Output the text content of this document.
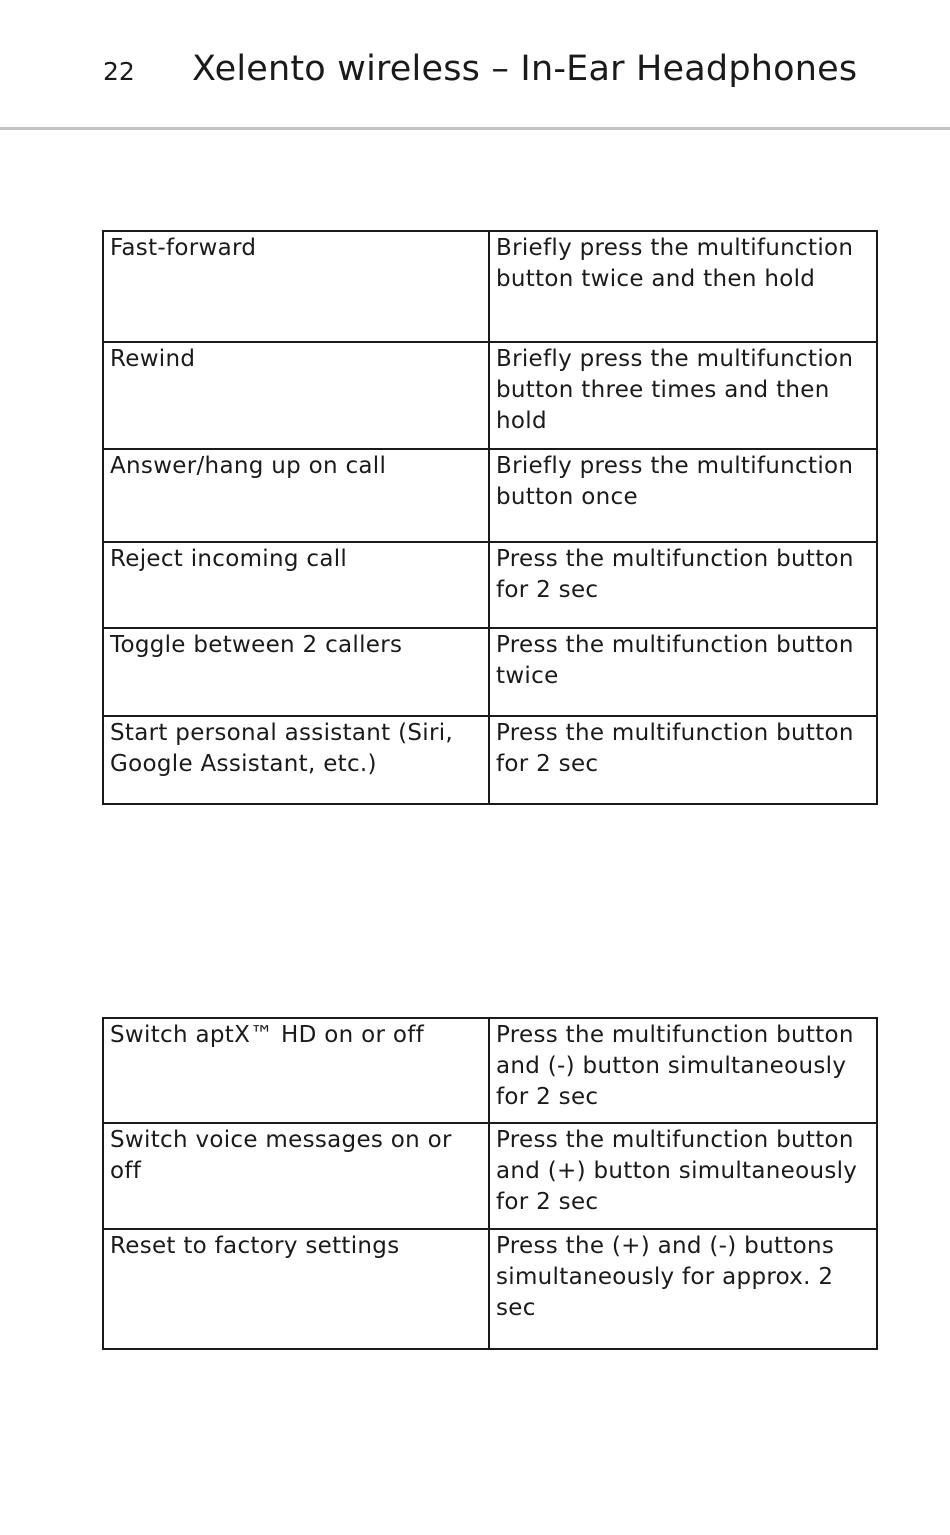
22 Xelento wireless – In-Ear Headphones
Fast-forward	Briefly press the multifunction button twice and then hold
Rewind	Briefly press the multifunction button three times and then hold
Answer/hang up on call	Briefly press the multifunction button once
Reject incoming call	Press the multifunction button for 2 sec
Toggle between 2 callers	Press the multifunction button twice
Start personal assistant (Siri, Google Assistant, etc.)	Press the multifunction button for 2 sec
Switch aptX™ HD on or off	Press the multifunction button and (-) button simultaneously for 2 sec
Switch voice messages on or off	Press the multifunction button and (+) button simultaneously for 2 sec
Reset to factory settings	Press the (+) and (-) buttons simultaneously for approx. 2 sec
